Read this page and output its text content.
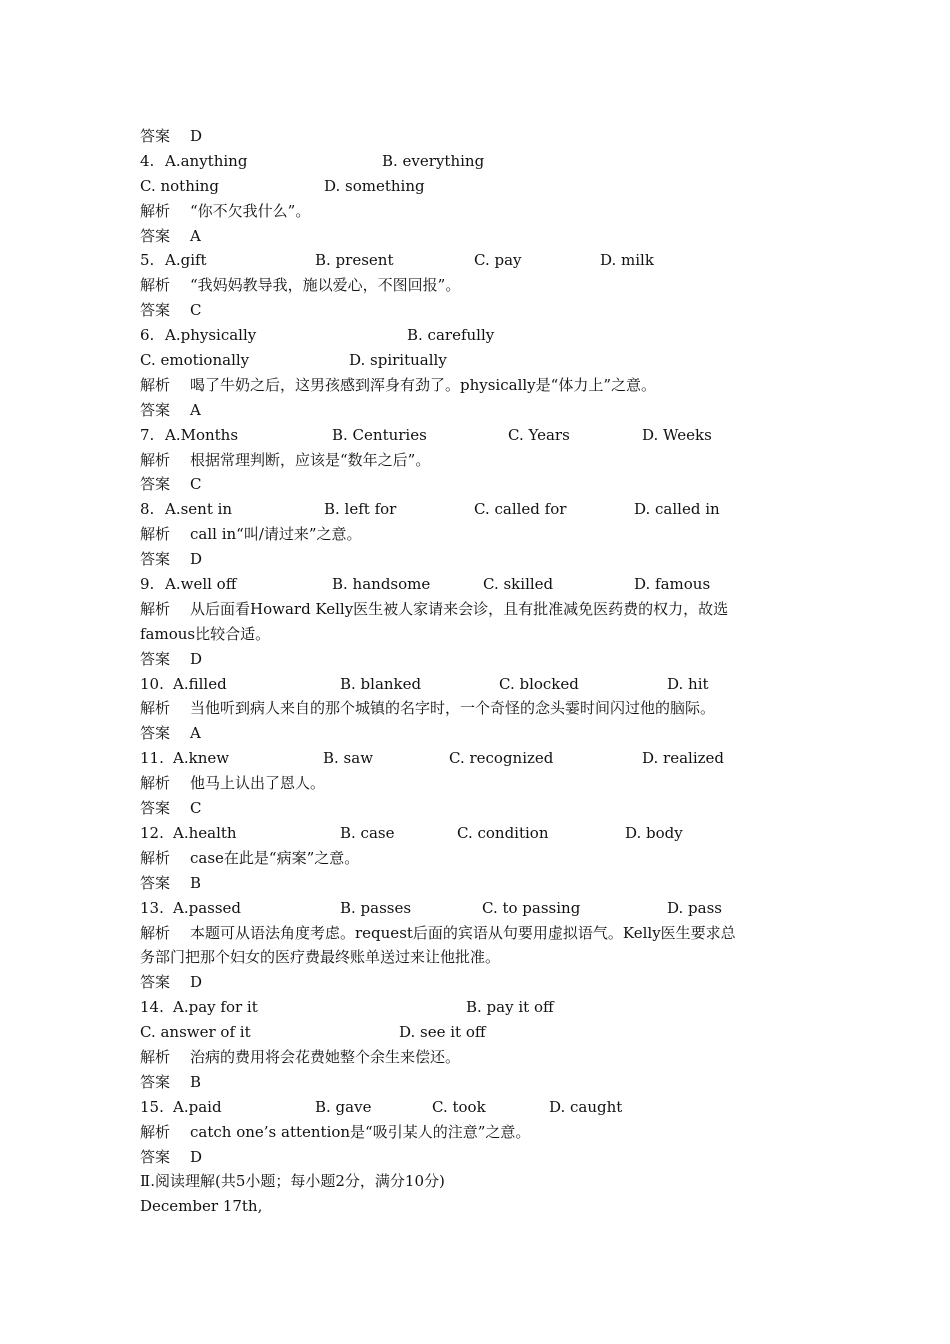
答案 D
4. A.anything	B. everything
C. nothing	D. something
解析 “你不欠我什么”。
答案 A
5. A.gift	B. present	C. pay	D. milk
解析 “我妈妈教导我，施以爱心，不图回报”。
答案 C
6. A.physically	B. carefully
C. emotionally	D. spiritually
解析 喝了牛奶之后，这男孩感到浑身有劲了。physically是“体力上”之意。
答案 A
7. A.Months	B. Centuries	C. Years	D. Weeks
解析 根据常理判断，应该是“数年之后”。
答案 C
8. A.sent in	B. left for	C. called for	D. called in
解析 call in“叫/请过来”之意。
答案 D
9. A.well off	B. handsome	C. skilled	D. famous
解析 从后面看Howard Kelly医生被人家请来会诊，且有批准减免医药费的权力，故选
famous比较合适。
答案 D
10. A.filled	B. blanked	C. blocked	D. hit
解析 当他听到病人来自的那个城镇的名字时，一个奇怪的念头霎时间闪过他的脑际。
答案 A
11. A.knew	B. saw	C. recognized	D. realized
解析 他马上认出了恩人。
答案 C
12. A.health	B. case	C. condition	D. body
解析 case在此是“病案”之意。
答案 B
13. A.passed	B. passes	C. to passing	D. pass
解析 本题可从语法角度考虑。request后面的宾语从句要用虚拟语气。Kelly医生要求总
务部门把那个妇女的医疗费最终账单送过来让他批准。
答案 D
14. A.pay for it	B. pay it off
C. answer of it	D. see it off
解析 治病的费用将会花费她整个余生来偿还。
答案 B
15. A.paid	B. gave	C. took	D. caught
解析 catch one’s attention是“吸引某人的注意”之意。
答案 D
Ⅱ.阅读理解(共5小题；每小题2分，满分10分)
December 17th,
